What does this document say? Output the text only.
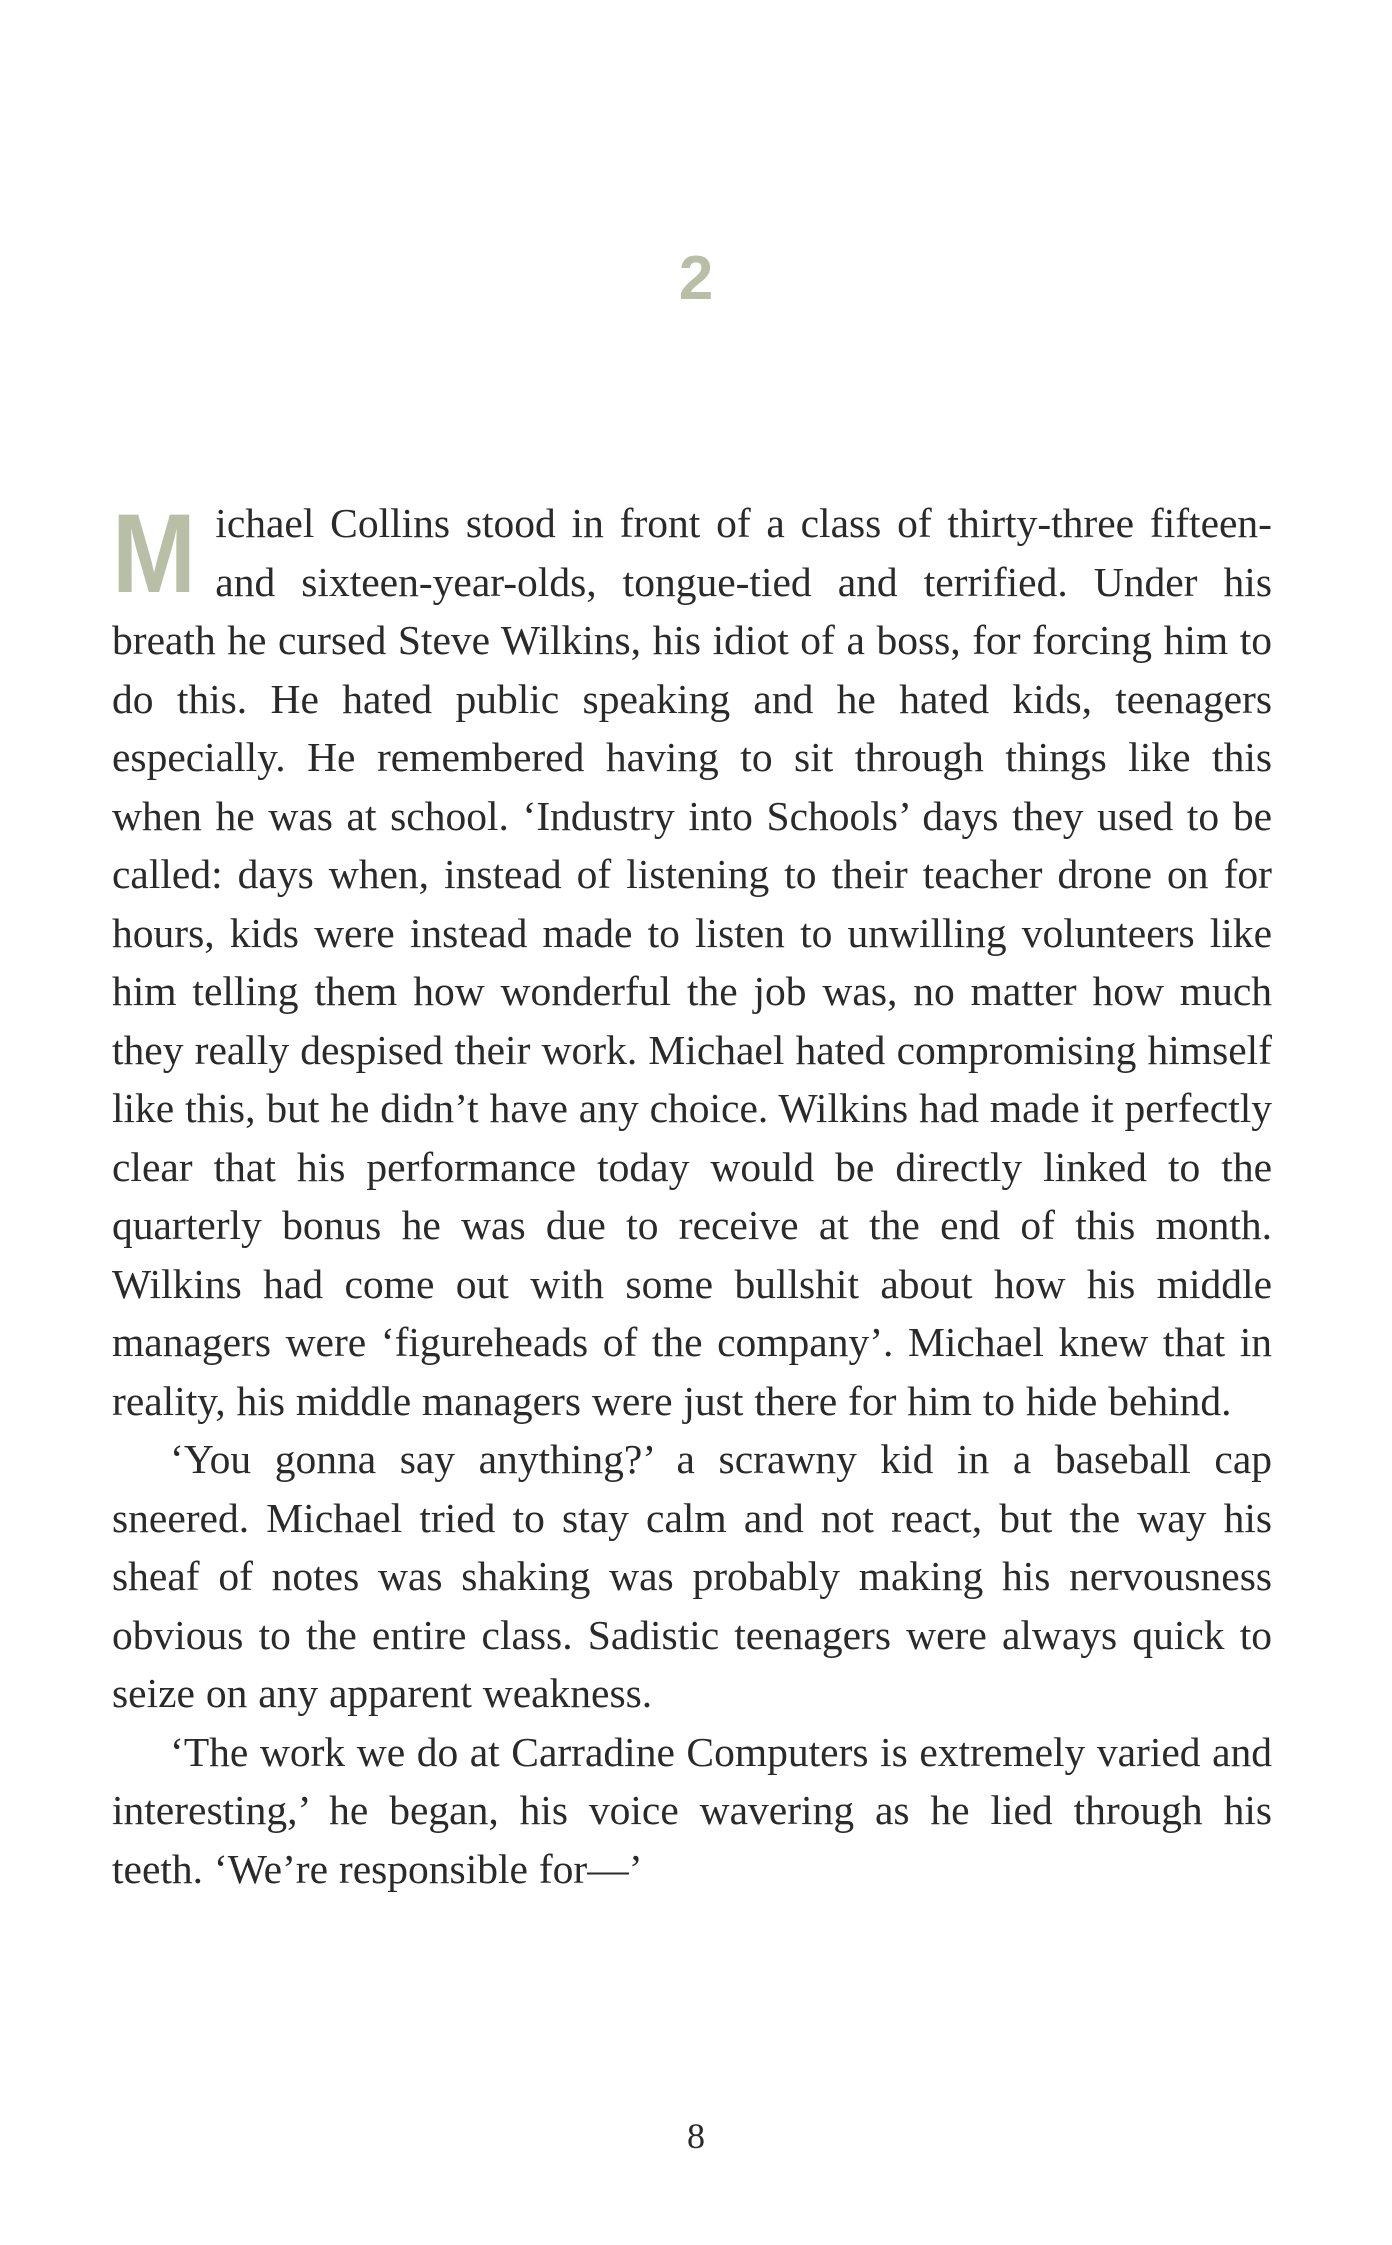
2

Michael Collins stood in front of a class of thirty-three fifteen- and sixteen-year-olds, tongue-tied and terrified. Under his breath he cursed Steve Wilkins, his idiot of a boss, for forcing him to do this. He hated public speaking and he hated kids, teenagers especially. He remembered having to sit through things like this when he was at school. ‘Industry into Schools’ days they used to be called: days when, instead of listening to their teacher drone on for hours, kids were instead made to listen to unwilling volunteers like him telling them how wonderful the job was, no matter how much they really despised their work. Michael hated compromising himself like this, but he didn’t have any choice. Wilkins had made it perfectly clear that his performance today would be directly linked to the quarterly bonus he was due to receive at the end of this month. Wilkins had come out with some bullshit about how his middle managers were ‘figureheads of the company’. Michael knew that in reality, his middle managers were just there for him to hide behind.

‘You gonna say anything?’ a scrawny kid in a baseball cap sneered. Michael tried to stay calm and not react, but the way his sheaf of notes was shaking was probably making his nervousness obvious to the entire class. Sadistic teenagers were always quick to seize on any apparent weakness.

‘The work we do at Carradine Computers is extremely varied and interesting,’ he began, his voice wavering as he lied through his teeth. ‘We’re responsible for—’

8
